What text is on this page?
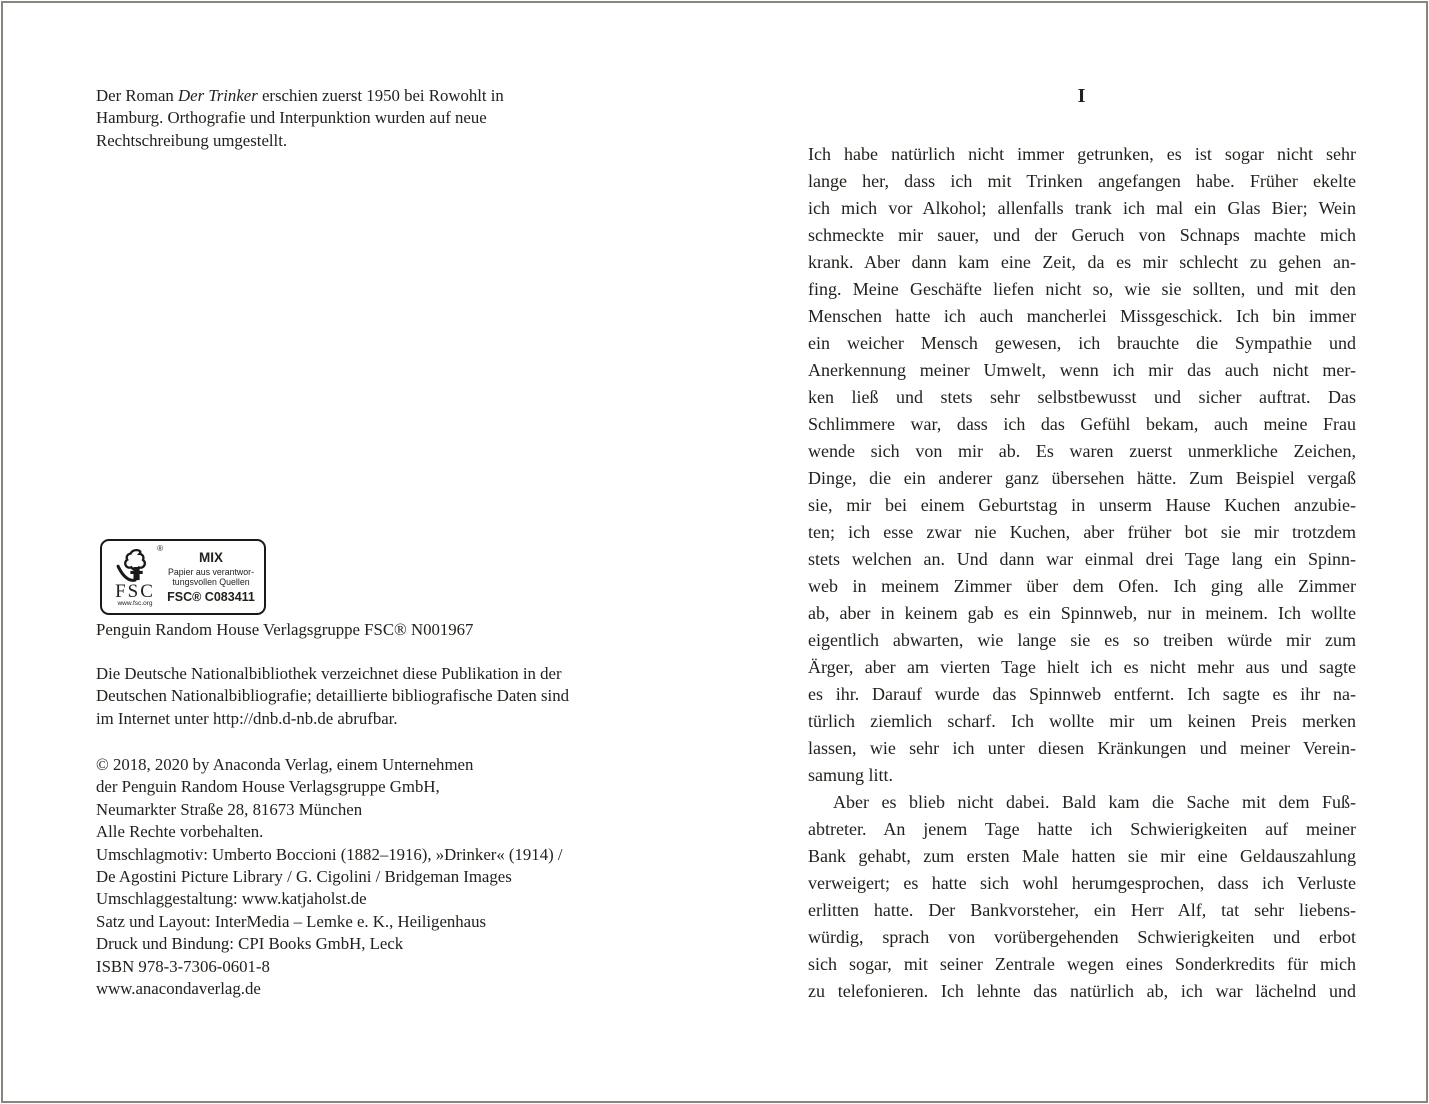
Der Roman Der Trinker erschien zuerst 1950 bei Rowohlt in
Hamburg. Orthografie und Interpunktion wurden auf neue
Rechtschreibung umgestellt.
®
FSC
www.fsc.org
MIX
Papier aus verantwor-
tungsvollen Quellen
FSC® C083411
Penguin Random House Verlagsgruppe FSC® N001967
Die Deutsche Nationalbibliothek verzeichnet diese Publikation in der
Deutschen Nationalbibliografie; detaillierte bibliografische Daten sind
im Internet unter http://dnb.d-nb.de abrufbar.
© 2018, 2020 by Anaconda Verlag, einem Unternehmen
der Penguin Random House Verlagsgruppe GmbH,
Neumarkter Straße 28, 81673 München
Alle Rechte vorbehalten.
Umschlagmotiv: Umberto Boccioni (1882–1916), »Drinker« (1914) /
De Agostini Picture Library / G. Cigolini / Bridgeman Images
Umschlaggestaltung: www.katjaholst.de
Satz und Layout: InterMedia – Lemke e. K., Heiligenhaus
Druck und Bindung: CPI Books GmbH, Leck
ISBN 978-3-7306-0601-8
www.anacondaverlag.de
I
Ich habe natürlich nicht immer getrunken, es ist sogar nicht sehr
lange her, dass ich mit Trinken angefangen habe. Früher ekelte
ich mich vor Alkohol; allenfalls trank ich mal ein Glas Bier; Wein
schmeckte mir sauer, und der Geruch von Schnaps machte mich
krank. Aber dann kam eine Zeit, da es mir schlecht zu gehen an-
fing. Meine Geschäfte liefen nicht so, wie sie sollten, und mit den
Menschen hatte ich auch mancherlei Missgeschick. Ich bin immer
ein weicher Mensch gewesen, ich brauchte die Sympathie und
Anerkennung meiner Umwelt, wenn ich mir das auch nicht mer-
ken ließ und stets sehr selbstbewusst und sicher auftrat. Das
Schlimmere war, dass ich das Gefühl bekam, auch meine Frau
wende sich von mir ab. Es waren zuerst unmerkliche Zeichen,
Dinge, die ein anderer ganz übersehen hätte. Zum Beispiel vergaß
sie, mir bei einem Geburtstag in unserm Hause Kuchen anzubie-
ten; ich esse zwar nie Kuchen, aber früher bot sie mir trotzdem
stets welchen an. Und dann war einmal drei Tage lang ein Spinn-
web in meinem Zimmer über dem Ofen. Ich ging alle Zimmer
ab, aber in keinem gab es ein Spinnweb, nur in meinem. Ich wollte
eigentlich abwarten, wie lange sie es so treiben würde mir zum
Ärger, aber am vierten Tage hielt ich es nicht mehr aus und sagte
es ihr. Darauf wurde das Spinnweb entfernt. Ich sagte es ihr na-
türlich ziemlich scharf. Ich wollte mir um keinen Preis merken
lassen, wie sehr ich unter diesen Kränkungen und meiner Verein-
samung litt.
Aber es blieb nicht dabei. Bald kam die Sache mit dem Fuß-
abtreter. An jenem Tage hatte ich Schwierigkeiten auf meiner
Bank gehabt, zum ersten Male hatten sie mir eine Geldauszahlung
verweigert; es hatte sich wohl herumgesprochen, dass ich Verluste
erlitten hatte. Der Bankvorsteher, ein Herr Alf, tat sehr liebens-
würdig, sprach von vorübergehenden Schwierigkeiten und erbot
sich sogar, mit seiner Zentrale wegen eines Sonderkredits für mich
zu telefonieren. Ich lehnte das natürlich ab, ich war lächelnd und
